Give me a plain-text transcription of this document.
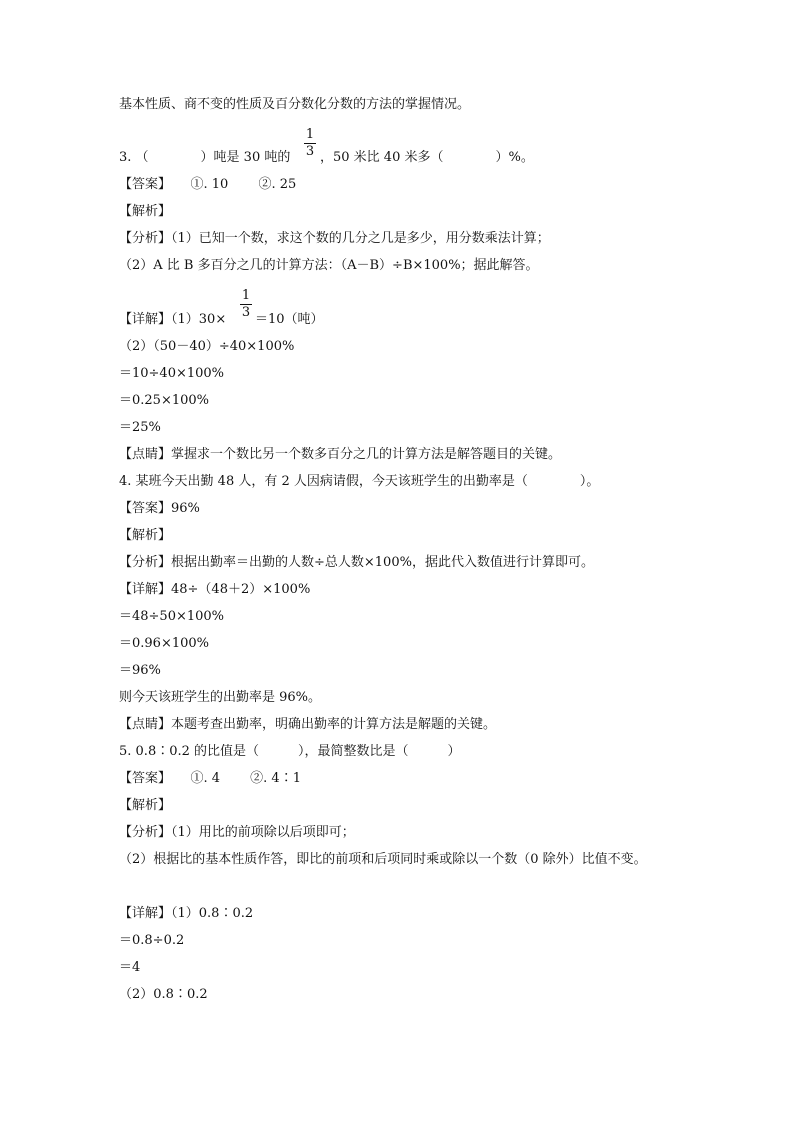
基本性质、商不变的性质及百分数化分数的方法的掌握情况。
3. （　　　　）吨是 30 吨的
1
3 ，50 米比 40 米多（　　　　）%。
【答案】　　①. 10　　 ②. 25
【解析】
【分析】（1）已知一个数，求这个数的几分之几是多少，用分数乘法计算；
（2）A 比 B 多百分之几的计算方法：（A－B）÷B×100%；据此解答。
【详解】（1）30×
1
3 ＝10（吨）
（2）（50－40）÷40×100%
＝10÷40×100%
＝0.25×100%
＝25%
【点睛】掌握求一个数比另一个数多百分之几的计算方法是解答题目的关键。
4. 某班今天出勤 48 人，有 2 人因病请假，今天该班学生的出勤率是（　　　　）。
【答案】96%
【解析】
【分析】根据出勤率＝出勤的人数÷总人数×100%，据此代入数值进行计算即可。
【详解】48÷（48＋2）×100%
＝48÷50×100%
＝0.96×100%
＝96%
则今天该班学生的出勤率是 96%。
【点睛】本题考查出勤率，明确出勤率的计算方法是解题的关键。
5. 0.8∶0.2 的比值是（　　　），最简整数比是（　　　）
【答案】　　①. 4　　 ②. 4∶1
【解析】
【分析】（1）用比的前项除以后项即可；
（2）根据比的基本性质作答，即比的前项和后项同时乘或除以一个数（0 除外）比值不变。
【详解】（1）0.8∶0.2
＝0.8÷0.2
＝4
（2）0.8∶0.2
